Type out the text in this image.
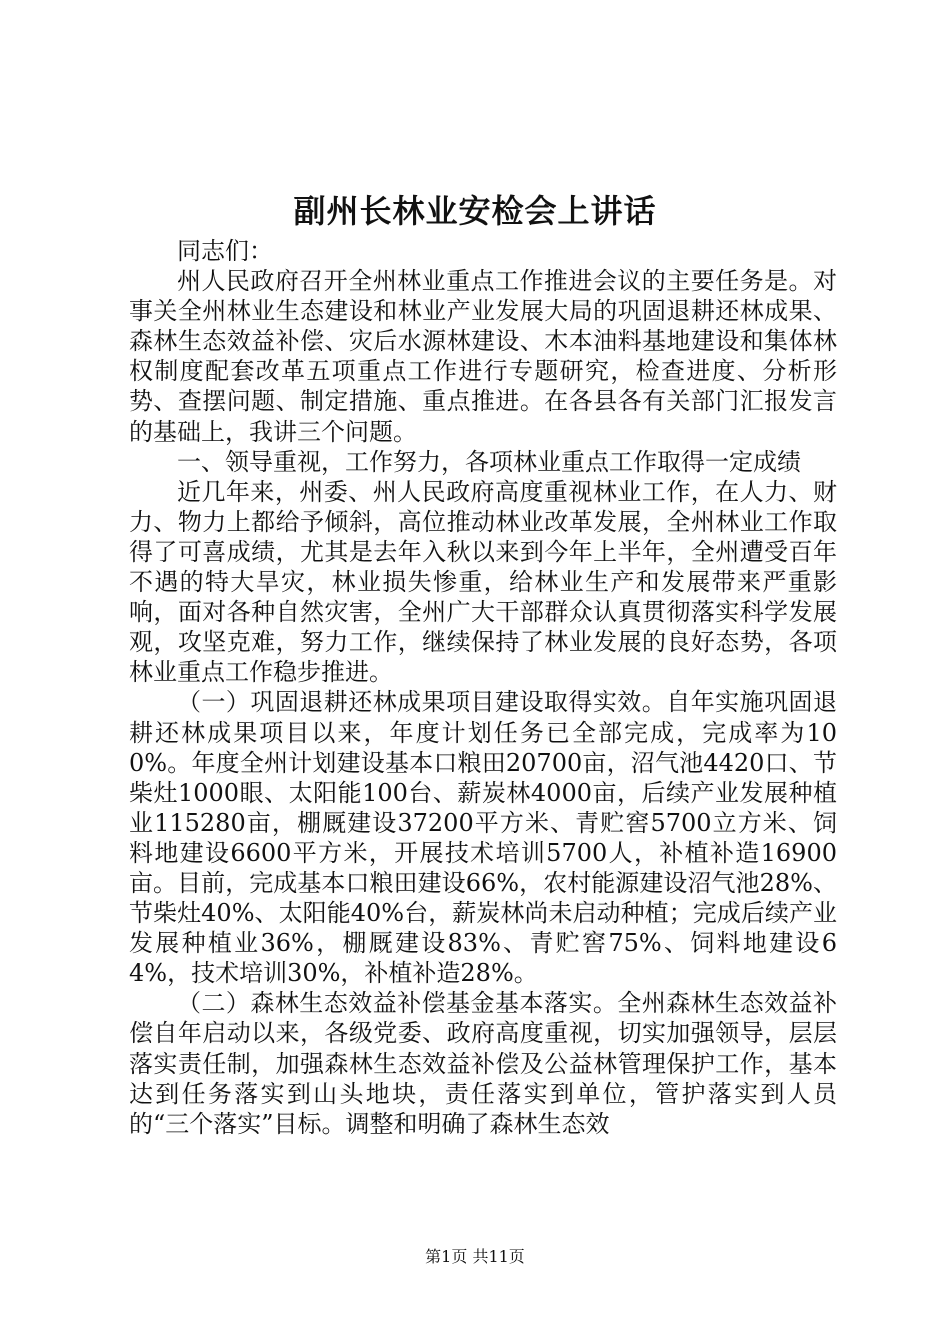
副州长林业安检会上讲话

同志们：

州人民政府召开全州林业重点工作推进会议的主要任务是。对事关全州林业生态建设和林业产业发展大局的巩固退耕还林成果、森林生态效益补偿、灾后水源林建设、木本油料基地建设和集体林权制度配套改革五项重点工作进行专题研究，检查进度、分析形势、查摆问题、制定措施、重点推进。在各县各有关部门汇报发言的基础上，我讲三个问题。

一、领导重视，工作努力，各项林业重点工作取得一定成绩

近几年来，州委、州人民政府高度重视林业工作，在人力、财力、物力上都给予倾斜，高位推动林业改革发展，全州林业工作取得了可喜成绩，尤其是去年入秋以来到今年上半年，全州遭受百年不遇的特大旱灾，林业损失惨重，给林业生产和发展带来严重影响，面对各种自然灾害，全州广大干部群众认真贯彻落实科学发展观，攻坚克难，努力工作，继续保持了林业发展的良好态势，各项林业重点工作稳步推进。

（一）巩固退耕还林成果项目建设取得实效。自年实施巩固退耕还林成果项目以来，年度计划任务已全部完成，完成率为100%。年度全州计划建设基本口粮田20700亩，沼气池4420口、节柴灶1000眼、太阳能100台、薪炭林4000亩，后续产业发展种植业115280亩，棚厩建设37200平方米、青贮窖5700立方米、饲料地建设6600平方米，开展技术培训5700人，补植补造16900亩。目前，完成基本口粮田建设66%，农村能源建设沼气池28%、节柴灶40%、太阳能40%台，薪炭林尚未启动种植；完成后续产业发展种植业36%，棚厩建设83%、青贮窖75%、饲料地建设64%，技术培训30%，补植补造28%。

（二）森林生态效益补偿基金基本落实。全州森林生态效益补偿自年启动以来，各级党委、政府高度重视，切实加强领导，层层落实责任制，加强森林生态效益补偿及公益林管理保护工作，基本达到任务落实到山头地块，责任落实到单位，管护落实到人员的“三个落实”目标。调整和明确了森林生态效

第1页 共11页
